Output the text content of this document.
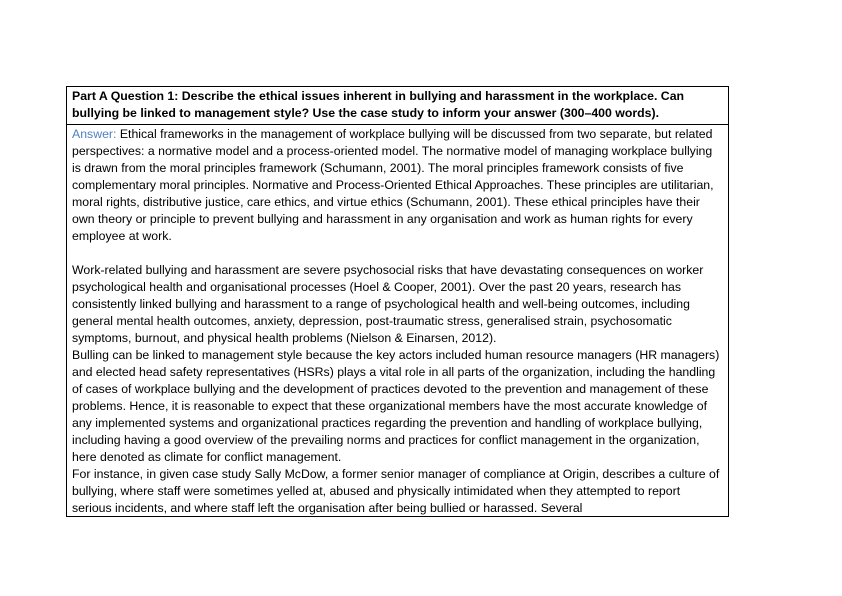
Part A Question 1: Describe the ethical issues inherent in bullying and harassment in the workplace. Can bullying be linked to management style? Use the case study to inform your answer (300–400 words).

Answer: Ethical frameworks in the management of workplace bullying will be discussed from two separate, but related perspectives: a normative model and a process-oriented model. The normative model of managing workplace bullying is drawn from the moral principles framework (Schumann, 2001). The moral principles framework consists of five complementary moral principles. Normative and Process-Oriented Ethical Approaches. These principles are utilitarian, moral rights, distributive justice, care ethics, and virtue ethics (Schumann, 2001). These ethical principles have their own theory or principle to prevent bullying and harassment in any organisation and work as human rights for every employee at work.

Work-related bullying and harassment are severe psychosocial risks that have devastating consequences on worker psychological health and organisational processes (Hoel & Cooper, 2001). Over the past 20 years, research has consistently linked bullying and harassment to a range of psychological health and well-being outcomes, including general mental health outcomes, anxiety, depression, post-traumatic stress, generalised strain, psychosomatic symptoms, burnout, and physical health problems (Nielson & Einarsen, 2012).

Bulling can be linked to management style because the key actors included human resource managers (HR managers) and elected head safety representatives (HSRs) plays a vital role in all parts of the organization, including the handling of cases of workplace bullying and the development of practices devoted to the prevention and management of these problems. Hence, it is reasonable to expect that these organizational members have the most accurate knowledge of any implemented systems and organizational practices regarding the prevention and handling of workplace bullying, including having a good overview of the prevailing norms and practices for conflict management in the organization, here denoted as climate for conflict management.

For instance, in given case study Sally McDow, a former senior manager of compliance at Origin, describes a culture of bullying, where staff were sometimes yelled at, abused and physically intimidated when they attempted to report serious incidents, and where staff left the organisation after being bullied or harassed. Several
